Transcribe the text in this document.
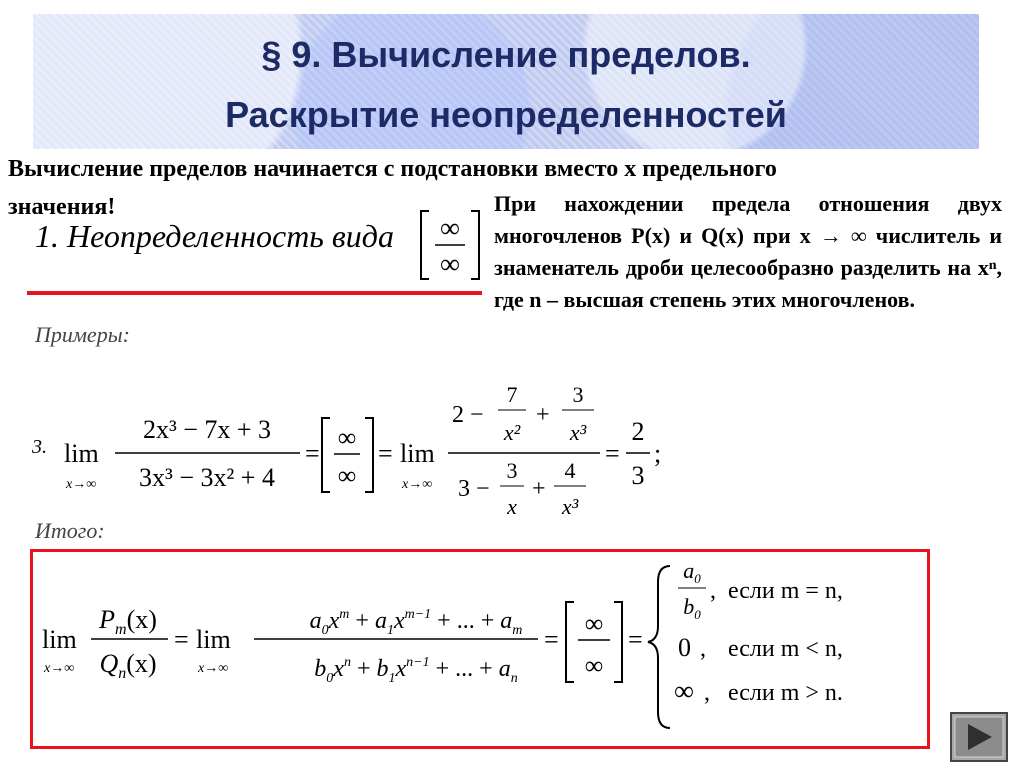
§ 9. Вычисление пределов.
Раскрытие неопределенностей
Вычисление пределов начинается с подстановки вместо x предельного
значения!	При нахождении предела отношения двух многочленов P(x) и Q(x) при x → ∞ числитель и знаменатель дроби целесообразно разделить на xⁿ, где n – высшая степень этих многочленов.
1. Неопределенность вида ∞
∞
Примеры:
3. lim
x→∞
2x³ − 7x + 3
3x³ − 3x² + 4
=
∞
∞
= lim
x→∞
2 −
7
x²
+
3
x³
3 −
3
x
+
4
x³
=
2
3
;
Итого:
lim
x→∞
$P_m(x)$
$Q_n(x)$
= lim
x→∞
$a_0x^m + a_1x^{m-1}$ + ... + $a_m$
$b_0x^n + b_1x^{n-1}$ + ... + $a_n$
=
∞
∞
=
$a_0$
$b_0$
, если m = n,
0 , если m < n,
∞ , если m > n.
